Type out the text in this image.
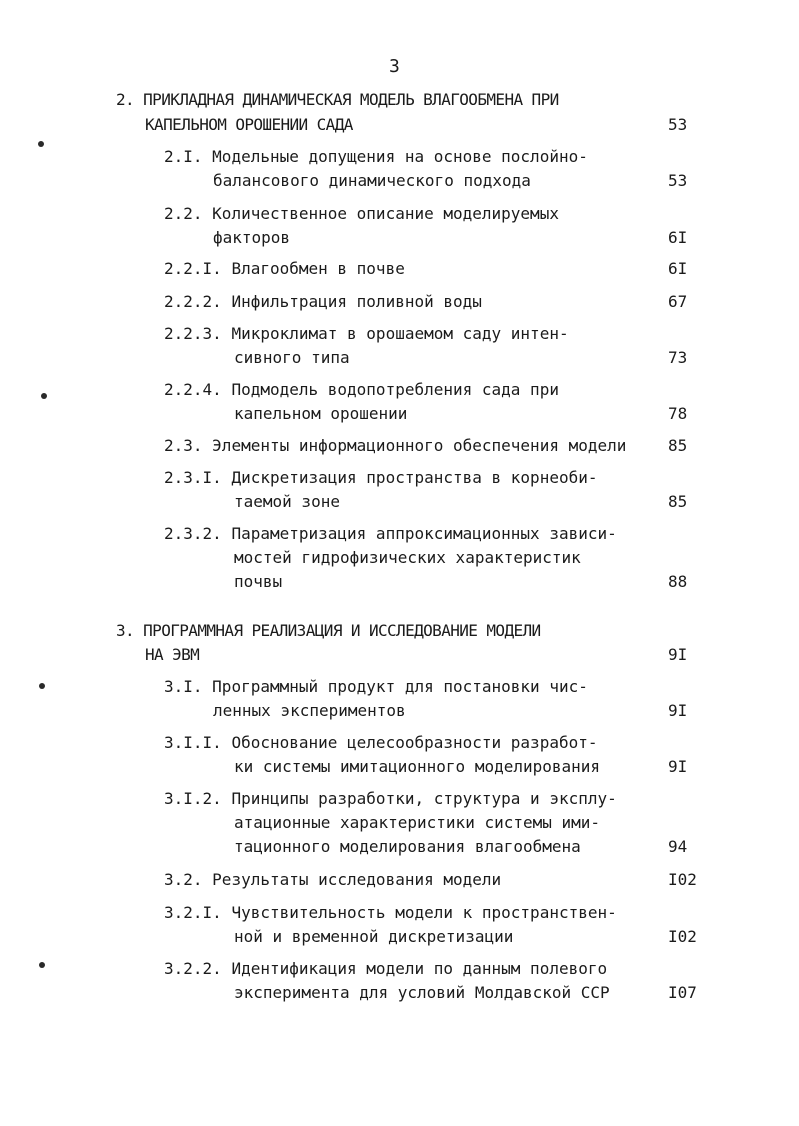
3
2. ПРИКЛАДНАЯ ДИНАМИЧЕСКАЯ МОДЕЛЬ ВЛАГООБМЕНА ПРИ
КАПЕЛЬНОМ ОРОШЕНИИ САДА	53
2.I. Модельные допущения на основе послойно-
балансового динамического подхода	53
2.2. Количественное описание моделируемых
факторов	6I
2.2.I. Влагообмен в почве	6I
2.2.2. Инфильтрация поливной воды	67
2.2.3. Микроклимат в орошаемом саду интен-
сивного типа	73
2.2.4. Подмодель водопотребления сада при
капельном орошении	78
2.3. Элементы информационного обеспечения модели	85
2.3.I. Дискретизация пространства в корнеоби-
таемой зоне	85
2.3.2. Параметризация аппроксимационных зависи-
мостей гидрофизических характеристик
почвы	88
3. ПРОГРАММНАЯ РЕАЛИЗАЦИЯ И ИССЛЕДОВАНИЕ МОДЕЛИ
НА ЭВМ	9I
3.I. Программный продукт для постановки чис-
ленных экспериментов	9I
3.I.I. Обоснование целесообразности разработ-
ки системы имитационного моделирования	9I
3.I.2. Принципы разработки, структура и эксплу-
атационные характеристики системы ими-
тационного моделирования влагообмена	94
3.2. Результаты исследования модели	I02
3.2.I. Чувствительность модели к пространствен-
ной и временной дискретизации	I02
3.2.2. Идентификация модели по данным полевого
эксперимента для условий Молдавской ССР	I07
